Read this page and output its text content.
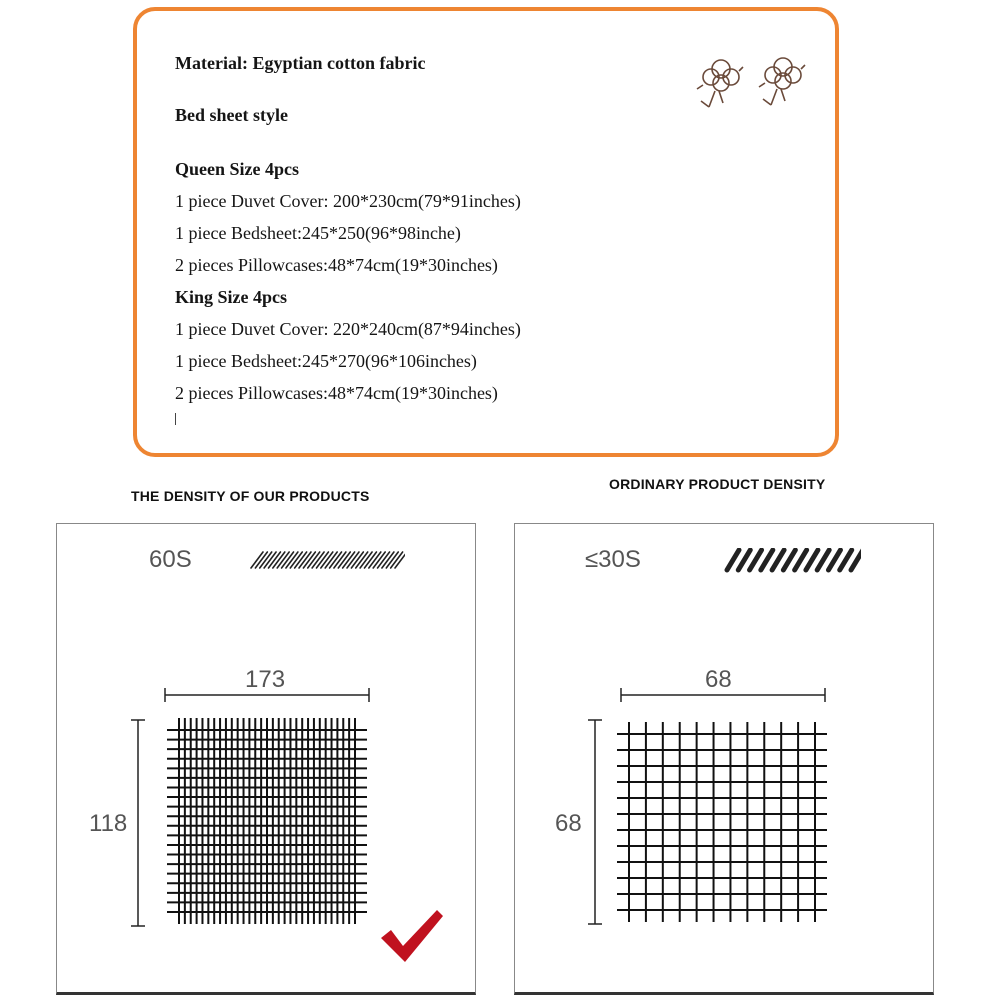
Material: Egyptian cotton fabric

Bed sheet style

Queen Size 4pcs

1 piece Duvet Cover: 200*230cm(79*91inches)

1 piece Bedsheet:245*250(96*98inche)

2 pieces Pillowcases:48*74cm(19*30inches)

King Size 4pcs

1 piece Duvet Cover: 220*240cm(87*94inches)

1 piece Bedsheet:245*270(96*106inches)

2 pieces Pillowcases:48*74cm(19*30inches)

THE DENSITY OF OUR PRODUCTS

ORDINARY PRODUCT DENSITY

60S
173
118
≤30S
68
68
